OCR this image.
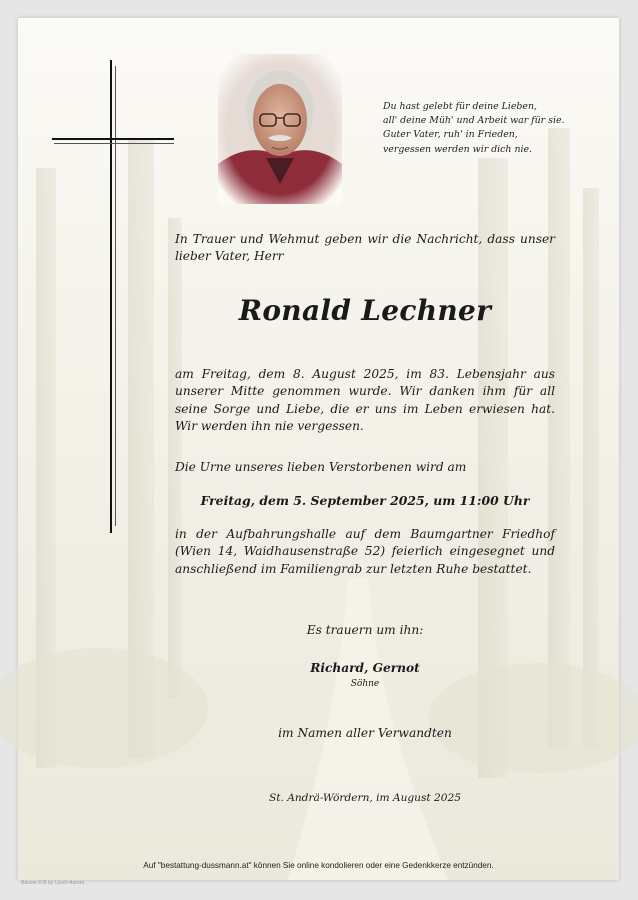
Du hast gelebt für deine Lieben,
all' deine Müh' und Arbeit war für sie.
Guter Vater, ruh' in Frieden,
vergessen werden wir dich nie.
In Trauer und Wehmut geben wir die Nachricht, dass unser lieber Vater, Herr
Ronald Lechner
am Freitag, dem 8. August 2025, im 83. Lebensjahr aus unserer Mitte genommen wurde. Wir danken ihm für all seine Sorge und Liebe, die er uns im Leben erwiesen hat. Wir werden ihn nie vergessen.
Die Urne unseres lieben Verstorbenen wird am
Freitag, dem 5. September 2025, um 11:00 Uhr
in der Aufbahrungshalle auf dem Baumgartner Friedhof (Wien 14, Waidhausenstraße 52) feierlich eingesegnet und anschließend im Familiengrab zur letzten Ruhe bestattet.
Es trauern um ihn:
Richard, Gernot
Söhne
im Namen aller Verwandten
St. Andrä-Wördern, im August 2025
Auf "bestattung-dussmann.at" können Sie online kondolieren oder eine Gedenkkerze entzünden.
Bäume © B by Lösch Aurora
